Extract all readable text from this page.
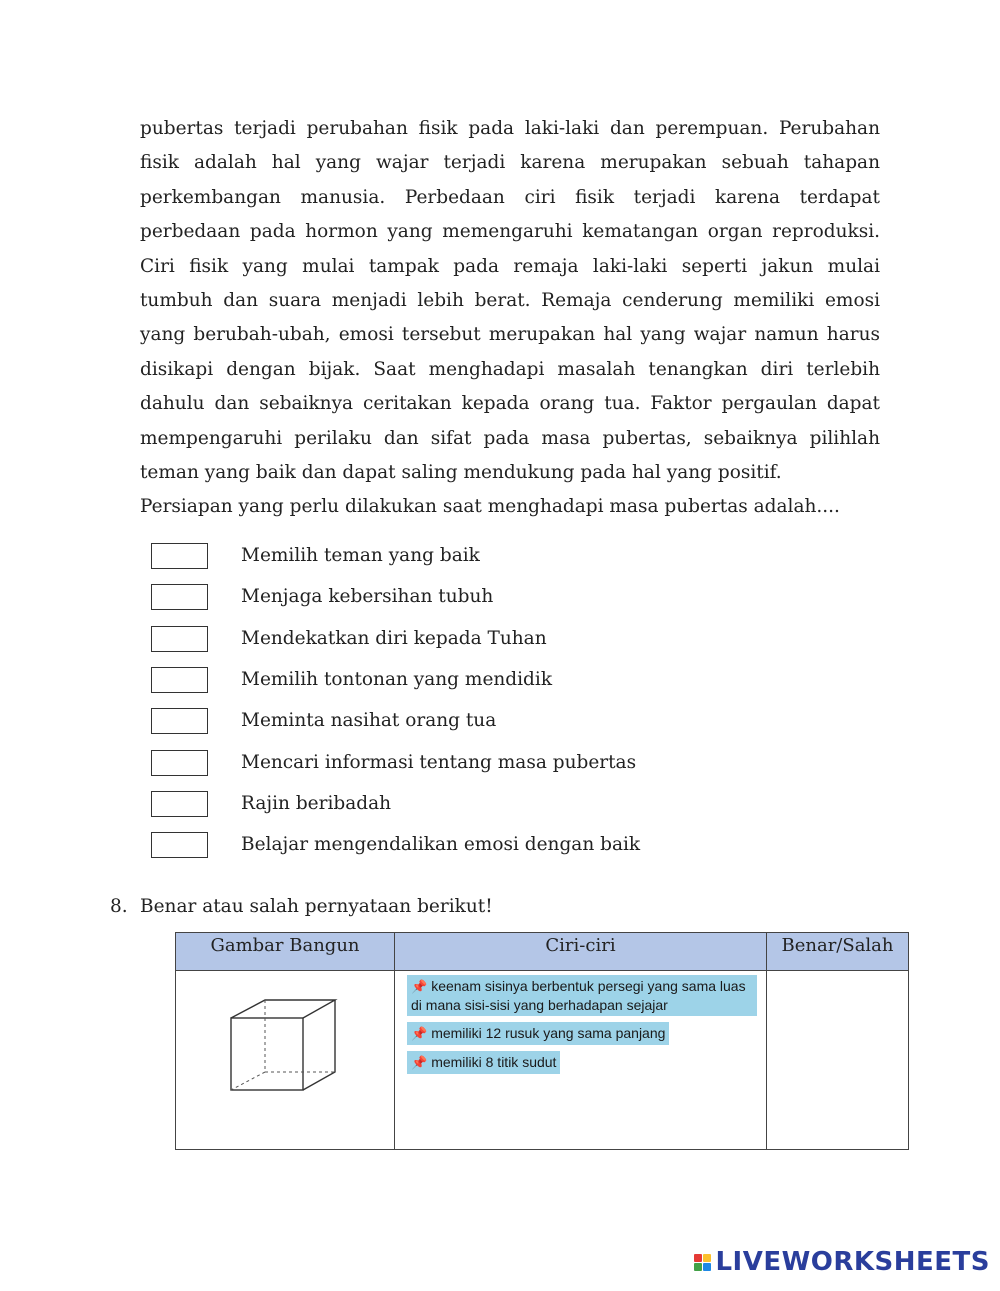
pubertas terjadi perubahan fisik pada laki-laki dan perempuan. Perubahan
fisik adalah hal yang wajar terjadi karena merupakan sebuah tahapan
perkembangan manusia. Perbedaan ciri fisik terjadi karena terdapat
perbedaan pada hormon yang memengaruhi kematangan organ reproduksi.
Ciri fisik yang mulai tampak pada remaja laki-laki seperti jakun mulai
tumbuh dan suara menjadi lebih berat. Remaja cenderung memiliki emosi
yang berubah-ubah, emosi tersebut merupakan hal yang wajar namun harus
disikapi dengan bijak. Saat menghadapi masalah tenangkan diri terlebih
dahulu dan sebaiknya ceritakan kepada orang tua. Faktor pergaulan dapat
mempengaruhi perilaku dan sifat pada masa pubertas, sebaiknya pilihlah
teman yang baik dan dapat saling mendukung pada hal yang positif.
Persiapan yang perlu dilakukan saat menghadapi masa pubertas adalah....
Memilih teman yang baik
Menjaga kebersihan tubuh
Mendekatkan diri kepada Tuhan
Memilih tontonan yang mendidik
Meminta nasihat orang tua
Mencari informasi tentang masa pubertas
Rajin beribadah
Belajar mengendalikan emosi dengan baik
8. Benar atau salah pernyataan berikut!
Gambar Bangun	Ciri-ciri	Benar/Salah

📌 keenam sisinya berbentuk persegi yang sama luas di mana sisi-sisi yang berhadapan sejajar
📌 memiliki 12 rusuk yang sama panjang
📌 memiliki 8 titik sudut

LIVEWORKSHEETS
